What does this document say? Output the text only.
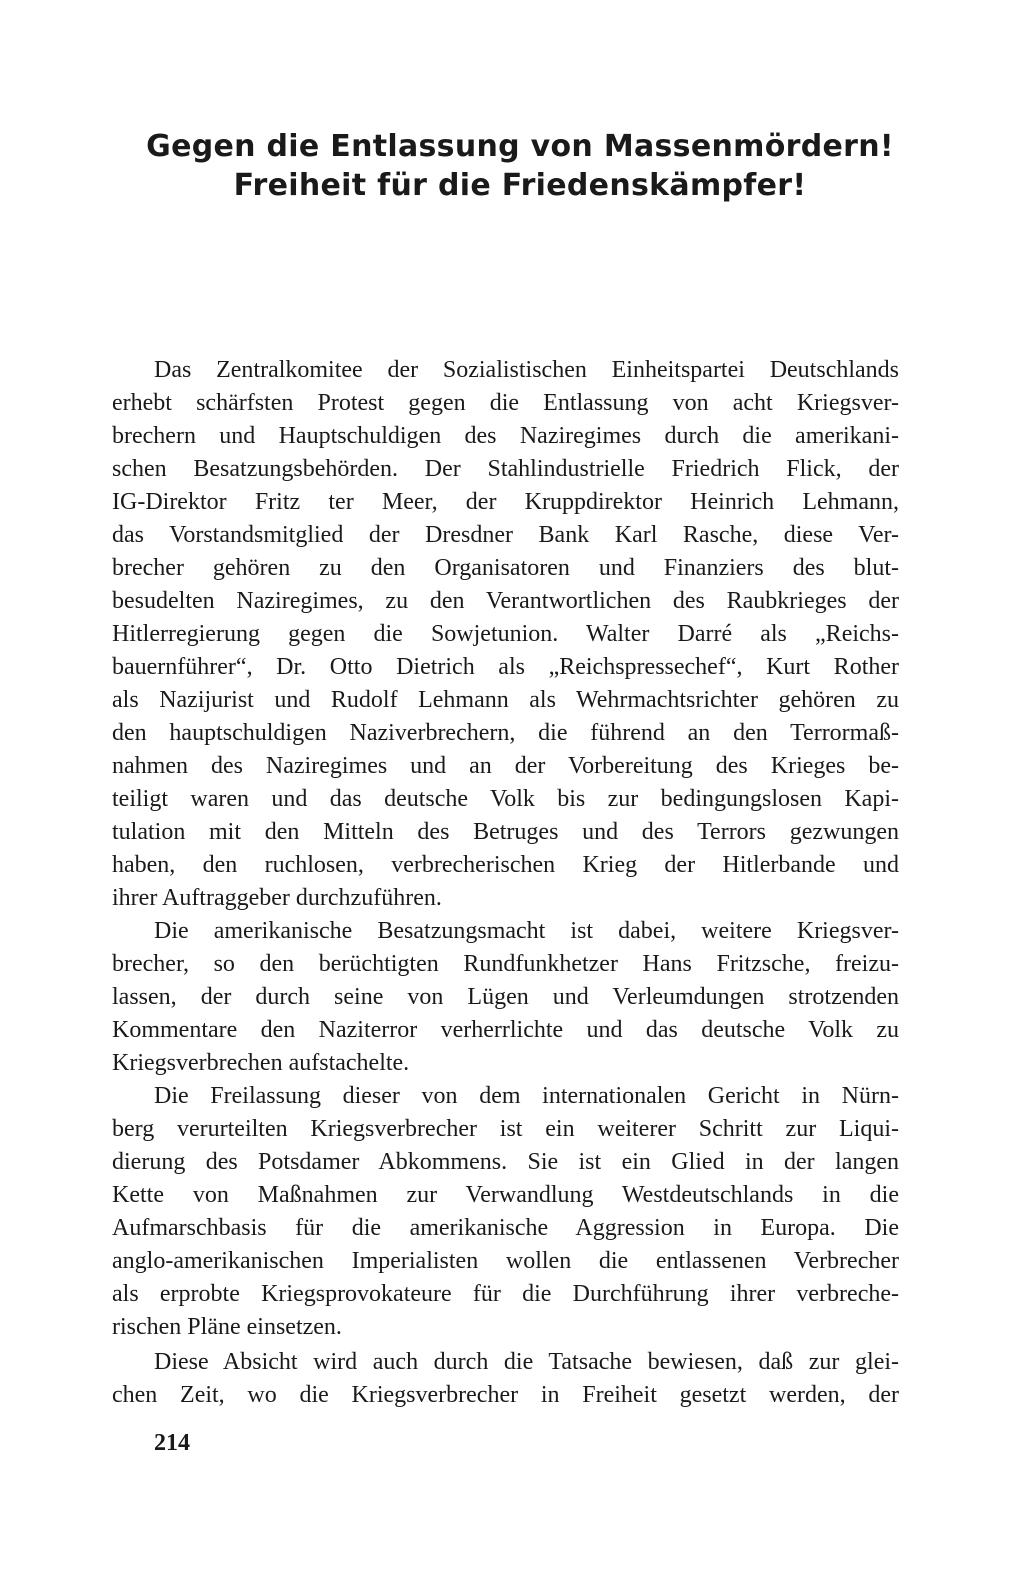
Gegen die Entlassung von Massenmördern!
Freiheit für die Friedenskämpfer!
Das Zentralkomitee der Sozialistischen Einheitspartei Deutschlands
erhebt schärfsten Protest gegen die Entlassung von acht Kriegsver-
brechern und Hauptschuldigen des Naziregimes durch die amerikani-
schen Besatzungsbehörden. Der Stahlindustrielle Friedrich Flick, der
IG-Direktor Fritz ter Meer, der Kruppdirektor Heinrich Lehmann,
das Vorstandsmitglied der Dresdner Bank Karl Rasche, diese Ver-
brecher gehören zu den Organisatoren und Finanziers des blut-
besudelten Naziregimes, zu den Verantwortlichen des Raubkrieges der
Hitlerregierung gegen die Sowjetunion. Walter Darré als „Reichs-
bauernführer“, Dr. Otto Dietrich als „Reichspressechef“, Kurt Rother
als Nazijurist und Rudolf Lehmann als Wehrmachtsrichter gehören zu
den hauptschuldigen Naziverbrechern, die führend an den Terrormaß-
nahmen des Naziregimes und an der Vorbereitung des Krieges be-
teiligt waren und das deutsche Volk bis zur bedingungslosen Kapi-
tulation mit den Mitteln des Betruges und des Terrors gezwungen
haben, den ruchlosen, verbrecherischen Krieg der Hitlerbande und
ihrer Auftraggeber durchzuführen.
Die amerikanische Besatzungsmacht ist dabei, weitere Kriegsver-
brecher, so den berüchtigten Rundfunkhetzer Hans Fritzsche, freizu-
lassen, der durch seine von Lügen und Verleumdungen strotzenden
Kommentare den Naziterror verherrlichte und das deutsche Volk zu
Kriegsverbrechen aufstachelte.
Die Freilassung dieser von dem internationalen Gericht in Nürn-
berg verurteilten Kriegsverbrecher ist ein weiterer Schritt zur Liqui-
dierung des Potsdamer Abkommens. Sie ist ein Glied in der langen
Kette von Maßnahmen zur Verwandlung Westdeutschlands in die
Aufmarschbasis für die amerikanische Aggression in Europa. Die
anglo-amerikanischen Imperialisten wollen die entlassenen Verbrecher
als erprobte Kriegsprovokateure für die Durchführung ihrer verbreche-
rischen Pläne einsetzen.
Diese Absicht wird auch durch die Tatsache bewiesen, daß zur glei-
chen Zeit, wo die Kriegsverbrecher in Freiheit gesetzt werden, der
214
